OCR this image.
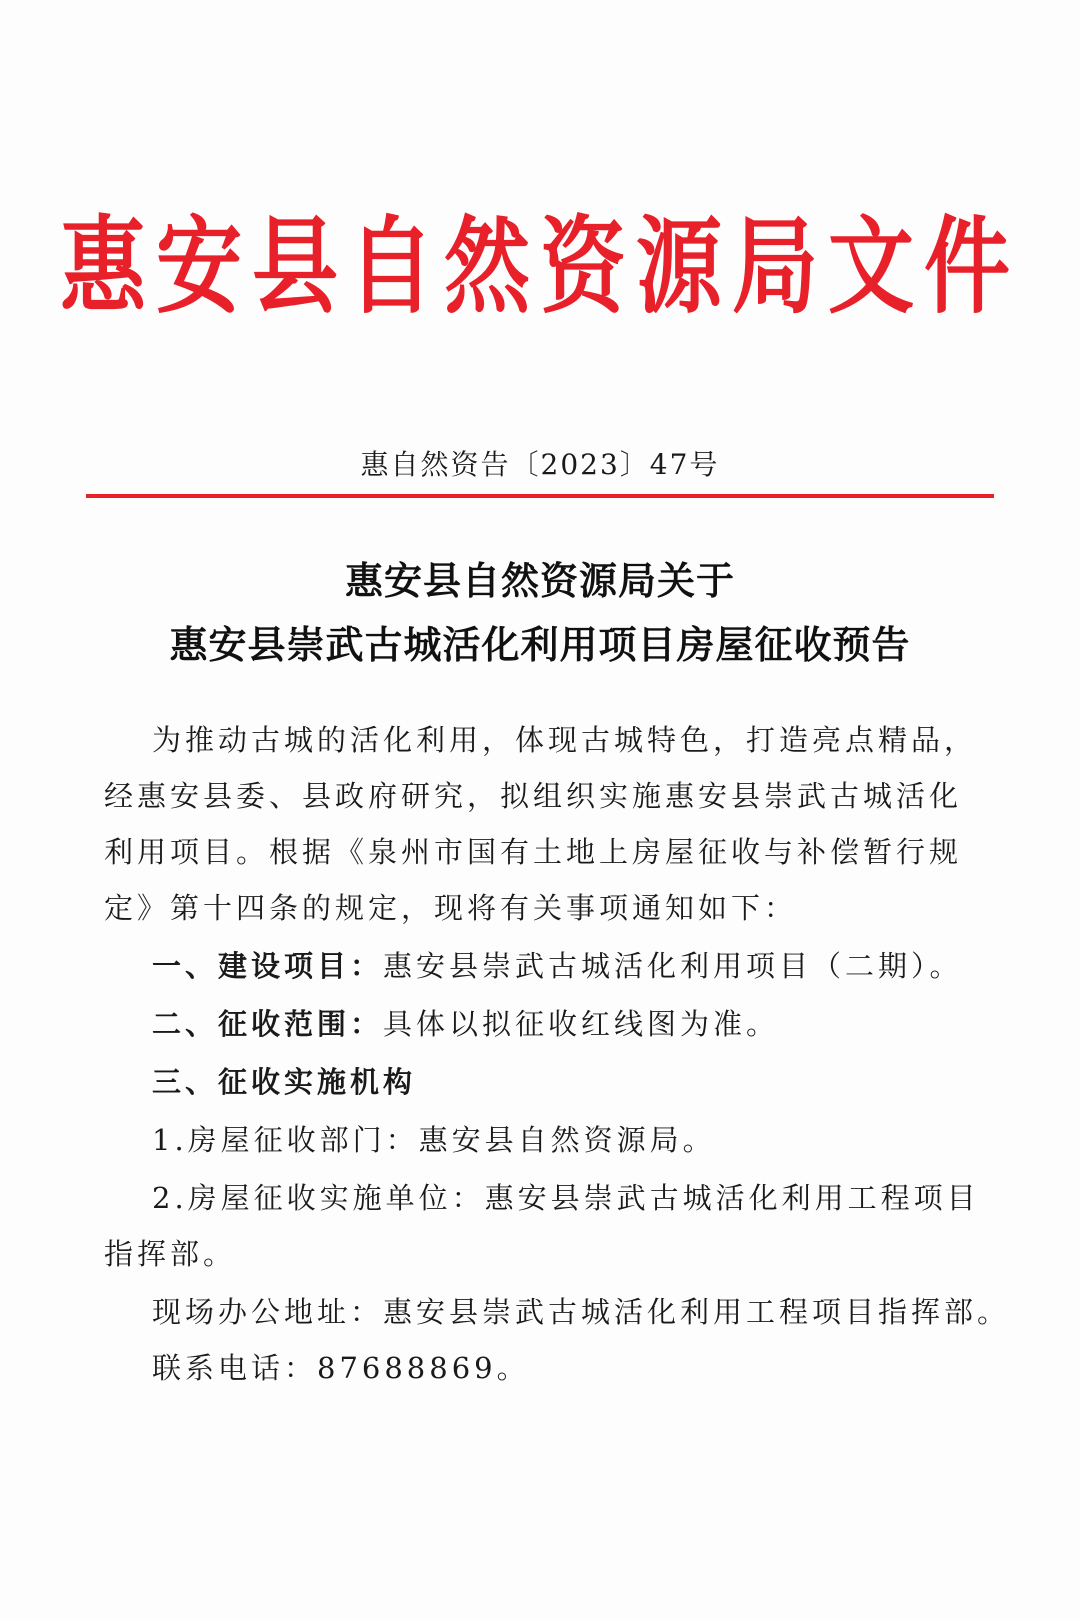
惠安县自然资源局文件
惠自然资告〔2023〕47号
惠安县自然资源局关于
惠安县崇武古城活化利用项目房屋征收预告
为推动古城的活化利用，体现古城特色，打造亮点精品，
经惠安县委、县政府研究，拟组织实施惠安县崇武古城活化
利用项目。根据《泉州市国有土地上房屋征收与补偿暂行规
定》第十四条的规定，现将有关事项通知如下：
一、建设项目：惠安县崇武古城活化利用项目（二期）。
二、征收范围：具体以拟征收红线图为准。
三、征收实施机构
1.房屋征收部门：惠安县自然资源局。
2.房屋征收实施单位：惠安县崇武古城活化利用工程项目
指挥部。
现场办公地址：惠安县崇武古城活化利用工程项目指挥部。
联系电话：87688869。
